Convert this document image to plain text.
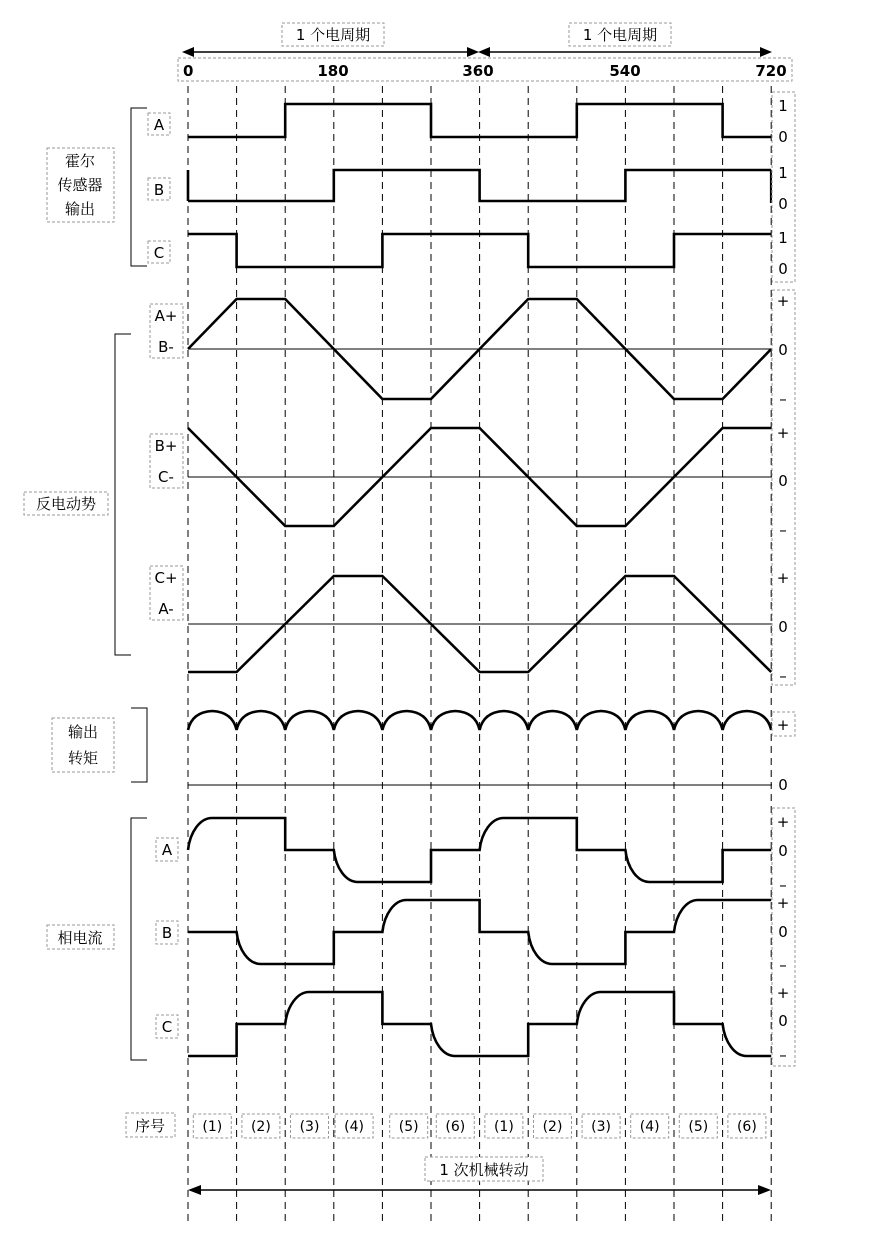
1 个电周期	1 个电周期
0	180	360	540	720
霍尔
传感器
输出
A
B
C
1
0
1
0
1
0
反电动势
A+
B-
B+
C-
C+
A-
+
0
–
+
0
–
+
0
–
输出
转矩
+
0
相电流
A
B
C
+
0
–
+
0
–
+
0
–
序号	(1) (2) (3) (4) (5) (6) (1) (2) (3) (4) (5) (6)
1 次机械转动
